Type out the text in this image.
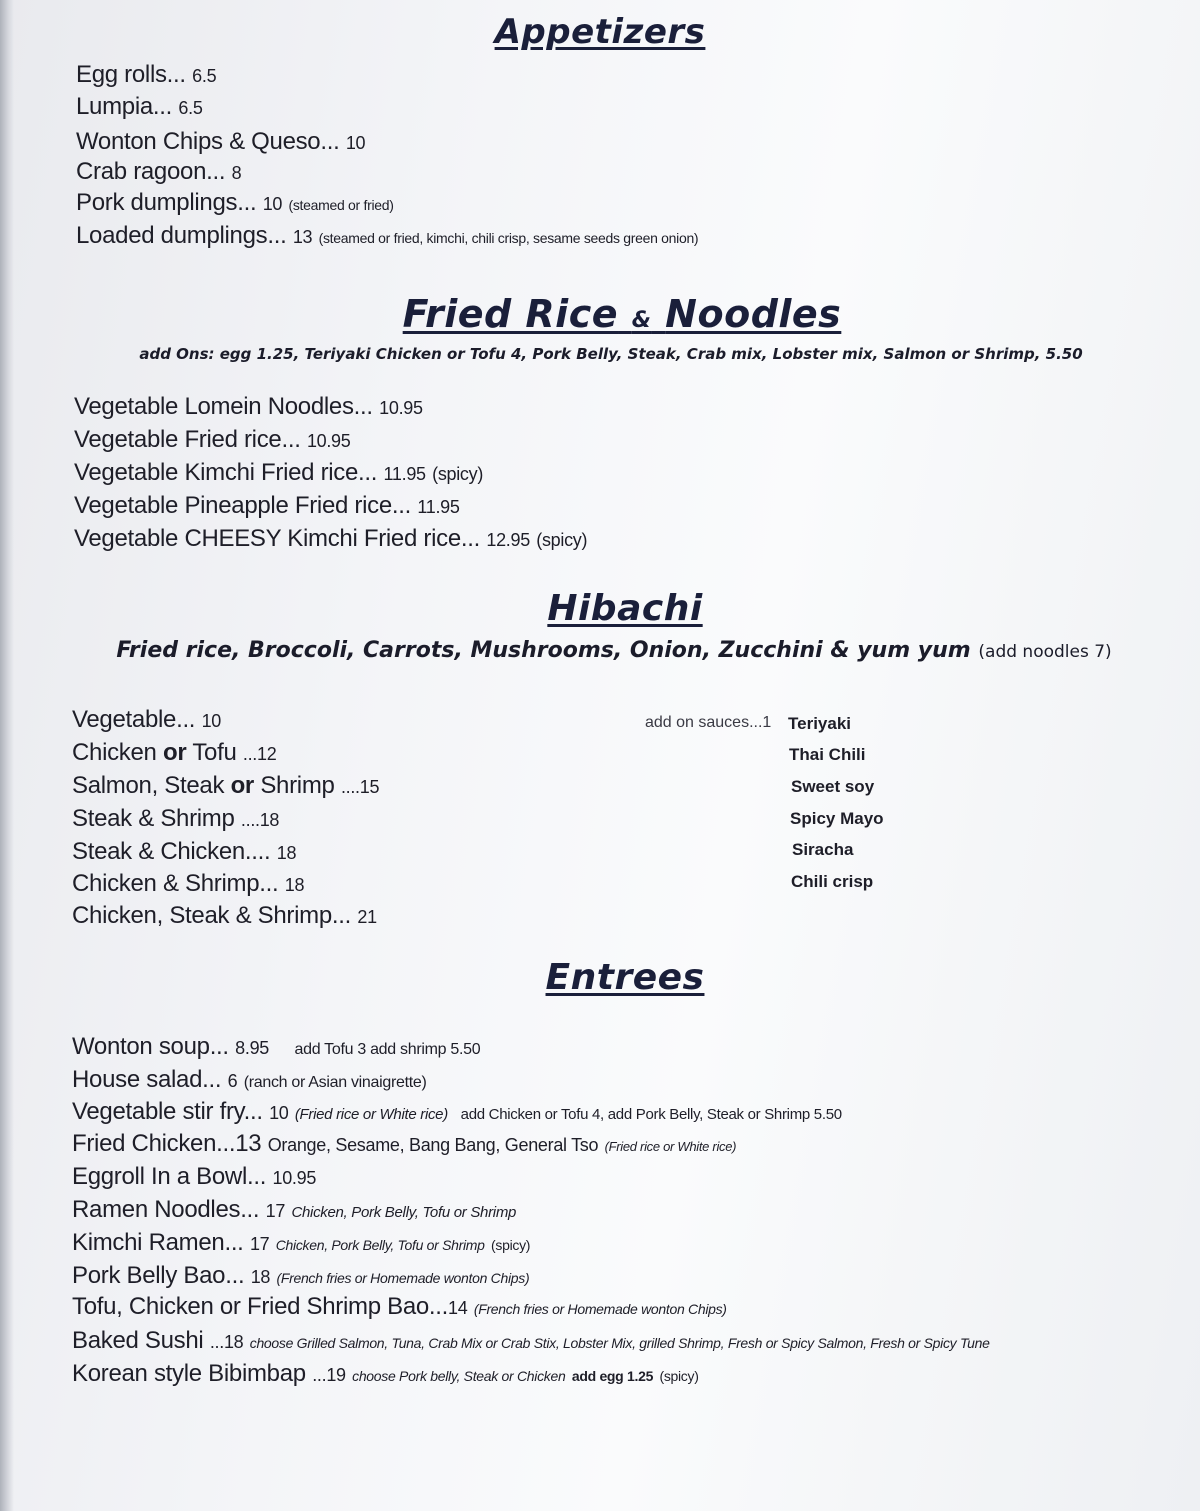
Appetizers
Egg rolls... 6.5
Lumpia... 6.5
Wonton Chips & Queso... 10
Crab ragoon... 8
Pork dumplings... 10 (steamed or fried)
Loaded dumplings... 13 (steamed or fried, kimchi, chili crisp, sesame seeds green onion)
Fried Rice & Noodles
add Ons: egg 1.25, Teriyaki Chicken or Tofu 4, Pork Belly, Steak, Crab mix, Lobster mix, Salmon or Shrimp, 5.50
Vegetable Lomein Noodles... 10.95
Vegetable Fried rice... 10.95
Vegetable Kimchi Fried rice... 11.95 (spicy)
Vegetable Pineapple Fried rice... 11.95
Vegetable CHEESY Kimchi Fried rice... 12.95 (spicy)
Hibachi
Fried rice, Broccoli, Carrots, Mushrooms, Onion, Zucchini & yum yum (add noodles 7)
Vegetable... 10
Chicken or Tofu ...12
Salmon, Steak or Shrimp ....15
Steak & Shrimp ....18
Steak & Chicken.... 18
Chicken & Shrimp... 18
Chicken, Steak & Shrimp... 21
add on sauces...1 Teriyaki
Thai Chili
Sweet soy
Spicy Mayo
Siracha
Chili crisp
Entrees
Wonton soup... 8.95 add Tofu 3 add shrimp 5.50
House salad... 6 (ranch or Asian vinaigrette)
Vegetable stir fry... 10 (Fried rice or White rice) add Chicken or Tofu 4, add Pork Belly, Steak or Shrimp 5.50
Fried Chicken...13 Orange, Sesame, Bang Bang, General Tso (Fried rice or White rice)
Eggroll In a Bowl... 10.95
Ramen Noodles... 17 Chicken, Pork Belly, Tofu or Shrimp
Kimchi Ramen... 17 Chicken, Pork Belly, Tofu or Shrimp (spicy)
Pork Belly Bao... 18 (French fries or Homemade wonton Chips)
Tofu, Chicken or Fried Shrimp Bao...14 (French fries or Homemade wonton Chips)
Baked Sushi ...18 choose Grilled Salmon, Tuna, Crab Mix or Crab Stix, Lobster Mix, grilled Shrimp, Fresh or Spicy Salmon, Fresh or Spicy Tune
Korean style Bibimbap ...19 choose Pork belly, Steak or Chicken add egg 1.25 (spicy)
